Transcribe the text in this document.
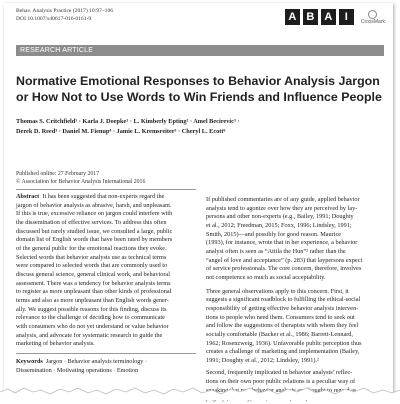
Behav. Analysis Practice (2017) 10:97–106
DOI 10.1007/s40617-016-0161-9	A B A	I	CrossMark
RESEARCH ARTICLE
Normative Emotional Responses to Behavior Analysis Jargon
or How Not to Use Words to Win Friends and Influence People
Thomas S. Critchfield¹ · Karla J. Doepke¹ · L. Kimberly Epting² · Amel Becirevic³ ·
Derek D. Reed³ · Daniel M. Fienup⁴ · Jamie L. Kremsreiter⁵ · Cheryl L. Ecott⁶
Published online: 27 February 2017
© Association for Behavior Analysis International 2016
Abstract It has been suggested that non-experts regard the
jargon of behavior analysis as abrasive, harsh, and unpleasant.
If this is true, excessive reliance on jargon could interfere with
the dissemination of effective services. To address this often
discussed but rarely studied issue, we consulted a large, public
domain list of English words that have been rated by members
of the general public for the emotional reactions they evoke.
Selected words that behavior analysts use as technical terms
were compared to selected words that are commonly used to
discuss general science, general clinical work, and behavioral
assessment. There was a tendency for behavior analysis terms
to register as more unpleasant than other kinds of professional
terms and also as more unpleasant than English words gener-
ally. We suggest possible reasons for this finding, discuss its
relevance to the challenge of deciding how to communicate
with consumers who do not yet understand or value behavior
analysis, and advocate for systematic research to guide the
marketing of behavior analysis.
Keywords Jargon · Behavior analysis terminology ·
Dissemination · Motivating operations · Emotion
If published commentaries are of any guide, applied behavior
analysts tend to agonize over how they are perceived by lay-
persons and other non-experts (e.g., Bailey, 1991; Doughty
et al., 2012; Freedman, 2015; Foxx, 1996; Lindsley, 1991;
Smith, 2015)—and possibly for good reason. Maurice
(1993), for instance, wrote that in her experience, a behavior
analyst often is seen as “Attila the Hun”² rather than the
“angel of love and acceptance” (p. 283) that laypersons expect
of service professionals. The core concern, therefore, involves
not competence so much as social acceptability.
Three general observations apply to this concern. First, it
suggests a significant roadblock to fulfilling the ethical-social
responsibility of getting effective behavior analysis interven-
tions to people who need them. Consumers tend to seek out
and follow the suggestions of therapists with whom they feel
socially comfortable (Backer et al., 1986; Barrett-Lennard,
1962; Rosenzweig, 1936). Unfavorable public perception thus
creates a challenge of marketing and implementation (Bailey,
1991; Doughty et al., 2012; Lindsley, 1991).²
Second, frequently implicated in behavior analysts’ reflec-
tions on their own poor public relations is a peculiar way of
speaking that non-behavior analysts are thought to regard as
